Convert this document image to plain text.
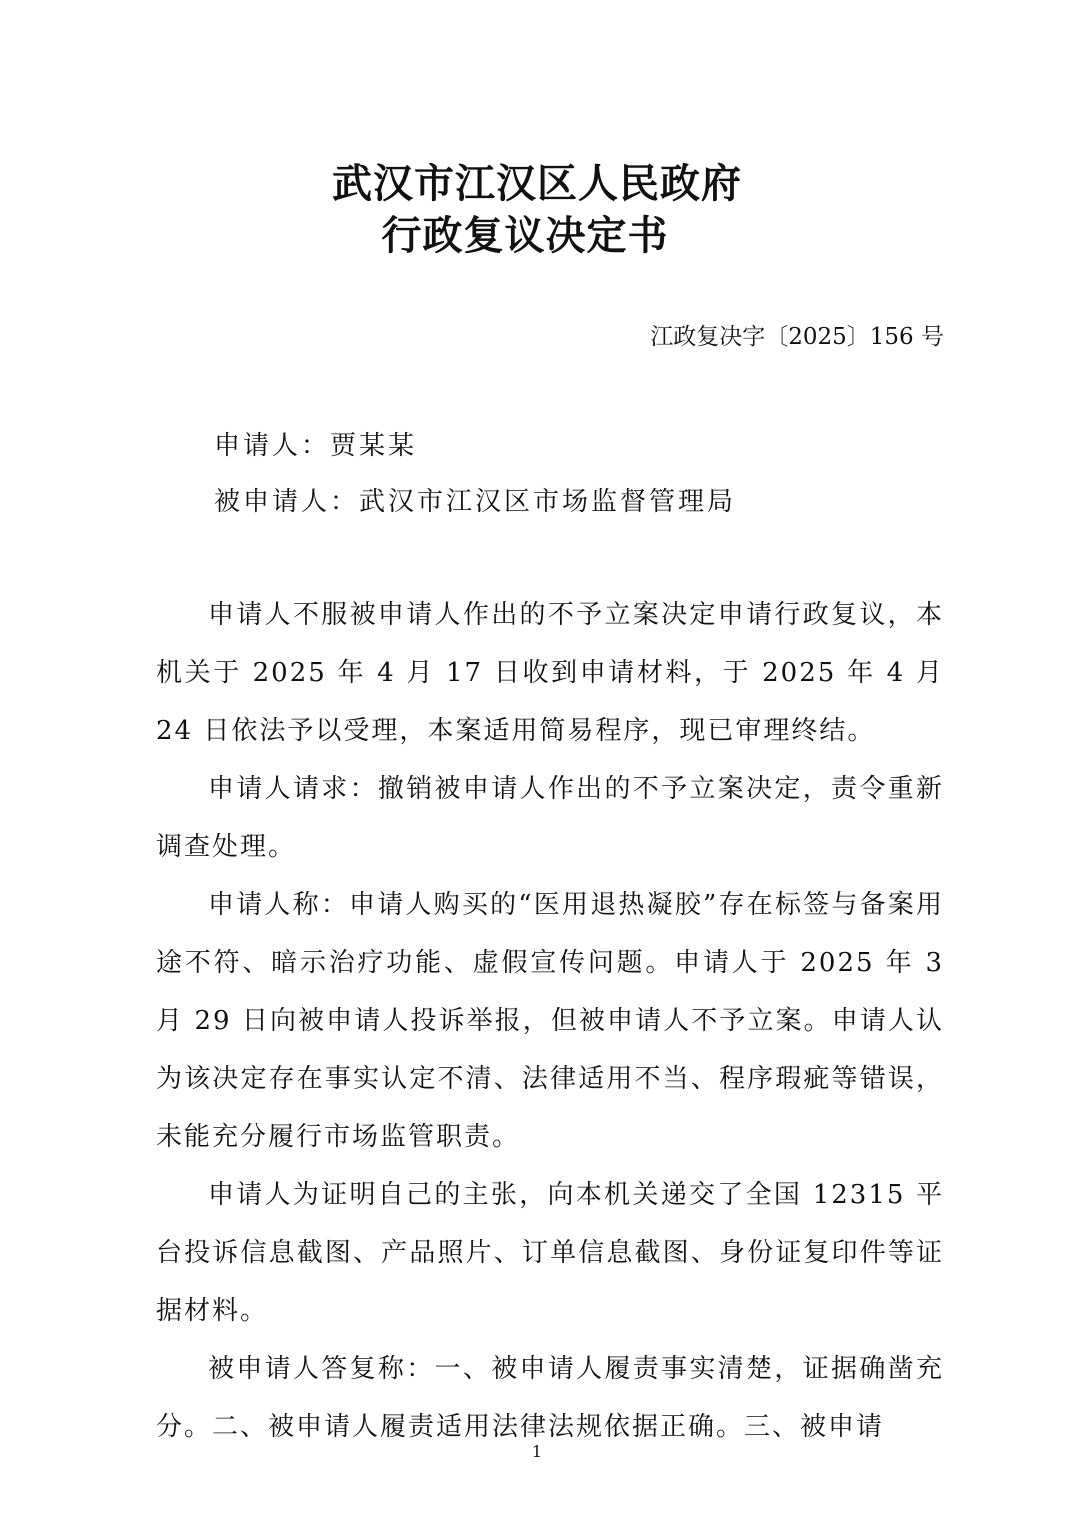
武汉市江汉区人民政府
行政复议决定书
江政复决字〔2025〕156 号
申请人：贾某某
被申请人：武汉市江汉区市场监督管理局

申请人不服被申请人作出的不予立案决定申请行政复议，本机关于 2025 年 4 月 17 日收到申请材料，于 2025 年 4 月 24 日依法予以受理，本案适用简易程序，现已审理终结。

申请人请求：撤销被申请人作出的不予立案决定，责令重新调查处理。

申请人称：申请人购买的“医用退热凝胶”存在标签与备案用途不符、暗示治疗功能、虚假宣传问题。申请人于 2025 年 3 月 29 日向被申请人投诉举报，但被申请人不予立案。申请人认为该决定存在事实认定不清、法律适用不当、程序瑕疵等错误，未能充分履行市场监管职责。

申请人为证明自己的主张，向本机关递交了全国 12315 平台投诉信息截图、产品照片、订单信息截图、身份证复印件等证据材料。

被申请人答复称：一、被申请人履责事实清楚，证据确凿充分。二、被申请人履责适用法律法规依据正确。三、被申请

1
